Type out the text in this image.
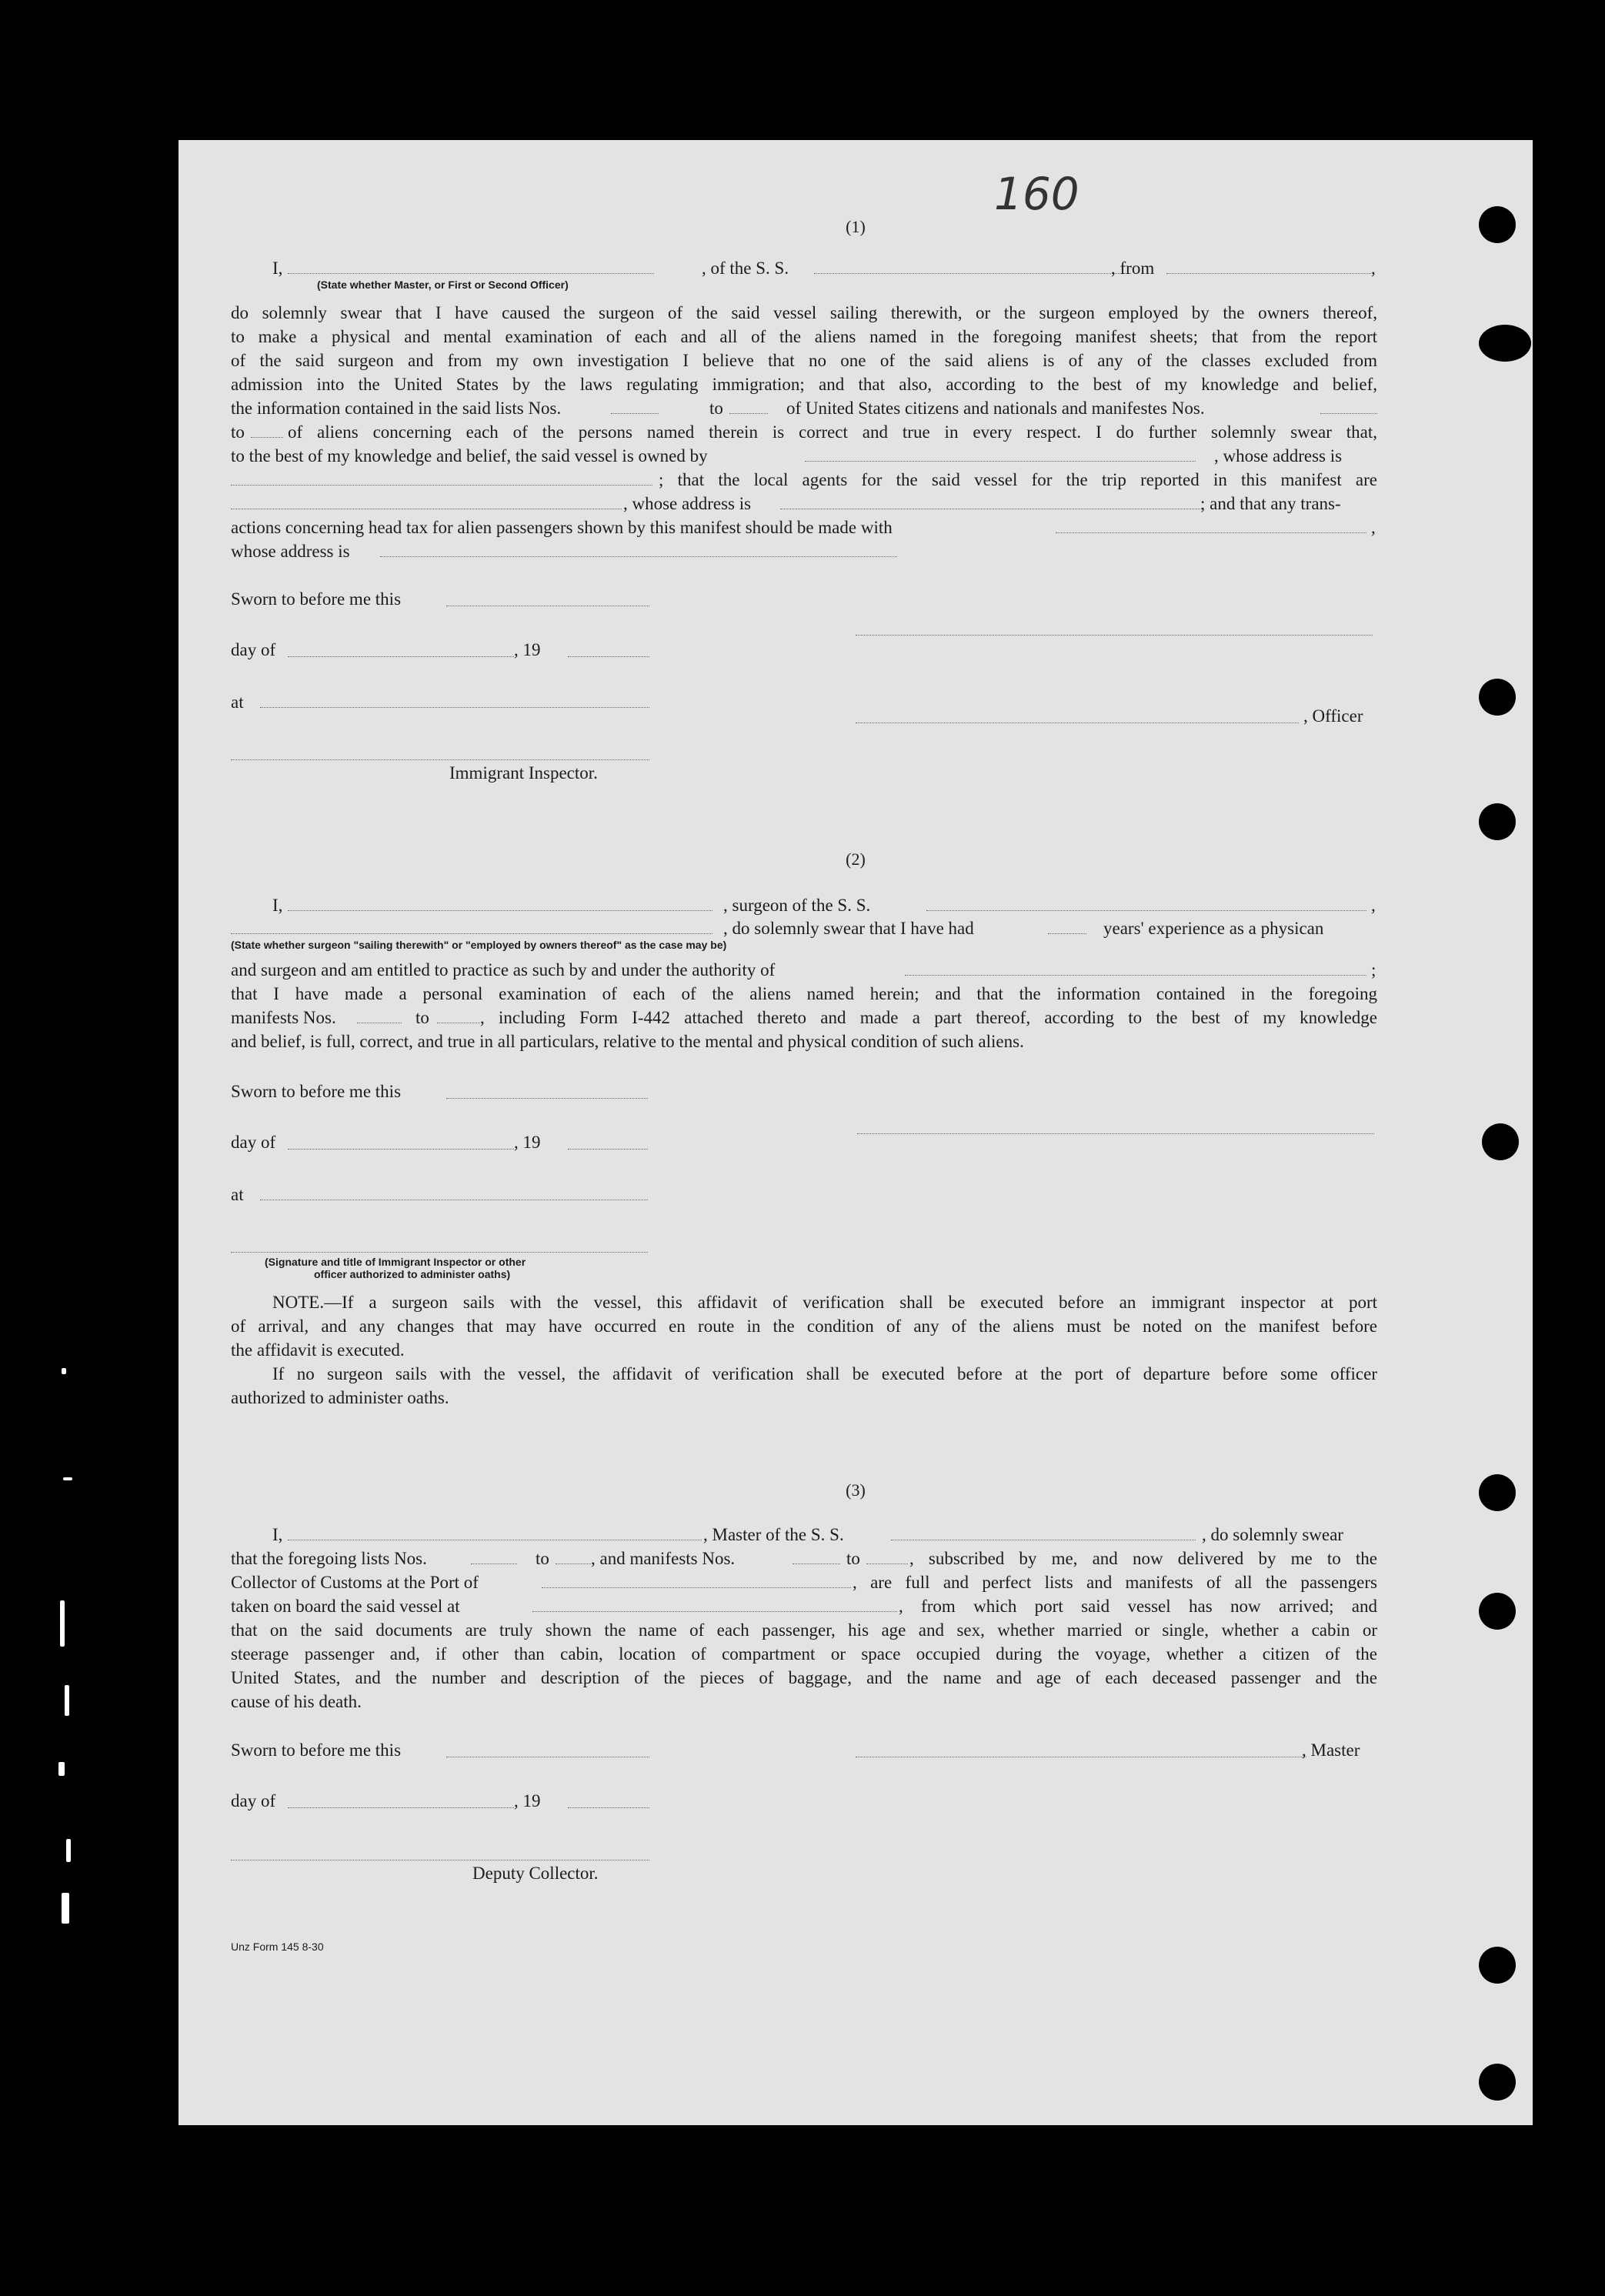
160
(1)
I,	, of the S. S.	, from	,
(State whether Master, or First or Second Officer)
do solemnly swear that I have caused the surgeon of the said vessel sailing therewith, or the surgeon employed by the owners thereof,
to make a physical and mental examination of each and all of the aliens named in the foregoing manifest sheets; that from the report
of the said surgeon and from my own investigation I believe that no one of the said aliens is of any of the classes excluded from
admission into the United States by the laws regulating immigration; and that also, according to the best of my knowledge and belief,
the information contained in the said lists Nos.	to	of United States citizens and nationals and manifestes Nos.
to of aliens concerning each of the persons named therein is correct and true in every respect. I do further solemnly swear that,
to the best of my knowledge and belief, the said vessel is owned by	, whose address is
; that the local agents for the said vessel for the trip reported in this manifest are
, whose address is	; and that any trans-
actions concerning head tax for alien passengers shown by this manifest should be made with	,
whose address is
Sworn to before me this
day of	, 19
at
, Officer
Immigrant Inspector.
(2)
I,	, surgeon of the S. S.	,
, do solemnly swear that I have had	years' experience as a physican
(State whether surgeon "sailing therewith" or "employed by owners thereof" as the case may be)
and surgeon and am entitled to practice as such by and under the authority of	;
that I have made a personal examination of each of the aliens named herein; and that the information contained in the foregoing
manifests Nos.	to	, including Form I-442 attached thereto and made a part thereof, according to the best of my knowledge
and belief, is full, correct, and true in all particulars, relative to the mental and physical condition of such aliens.
Sworn to before me this
day of	, 19
at
(Signature and title of Immigrant Inspector or other
officer authorized to administer oaths)
NOTE.—If a surgeon sails with the vessel, this affidavit of verification shall be executed before an immigrant inspector at port
of arrival, and any changes that may have occurred en route in the condition of any of the aliens must be noted on the manifest before
the affidavit is executed.
If no surgeon sails with the vessel, the affidavit of verification shall be executed before at the port of departure before some officer
authorized to administer oaths.
(3)
I,	, Master of the S. S.	, do solemnly swear
that the foregoing lists Nos.	to , and manifests Nos.	to	, subscribed by me, and now delivered by me to the
Collector of Customs at the Port of	, are full and perfect lists and manifests of all the passengers
taken on board the said vessel at	, from which port said vessel has now arrived; and
that on the said documents are truly shown the name of each passenger, his age and sex, whether married or single, whether a cabin or
steerage passenger and, if other than cabin, location of compartment or space occupied during the voyage, whether a citizen of the
United States, and the number and description of the pieces of baggage, and the name and age of each deceased passenger and the
cause of his death.
Sworn to before me this	, Master
day of	, 19
Deputy Collector.
Unz Form 145 8-30
